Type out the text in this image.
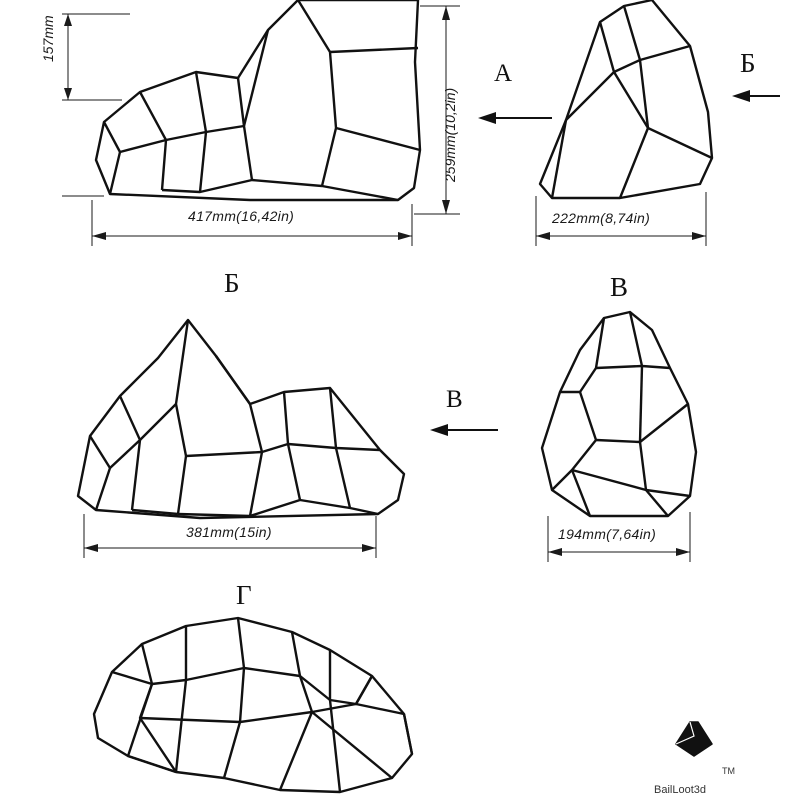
157mm
259mm(10,2in)
417mm(16,42in)	222mm(8,74in)
381mm(15in)	194mm(7,64in)
Б
Б
В
Г
А
В
BailLoot3d
TM
